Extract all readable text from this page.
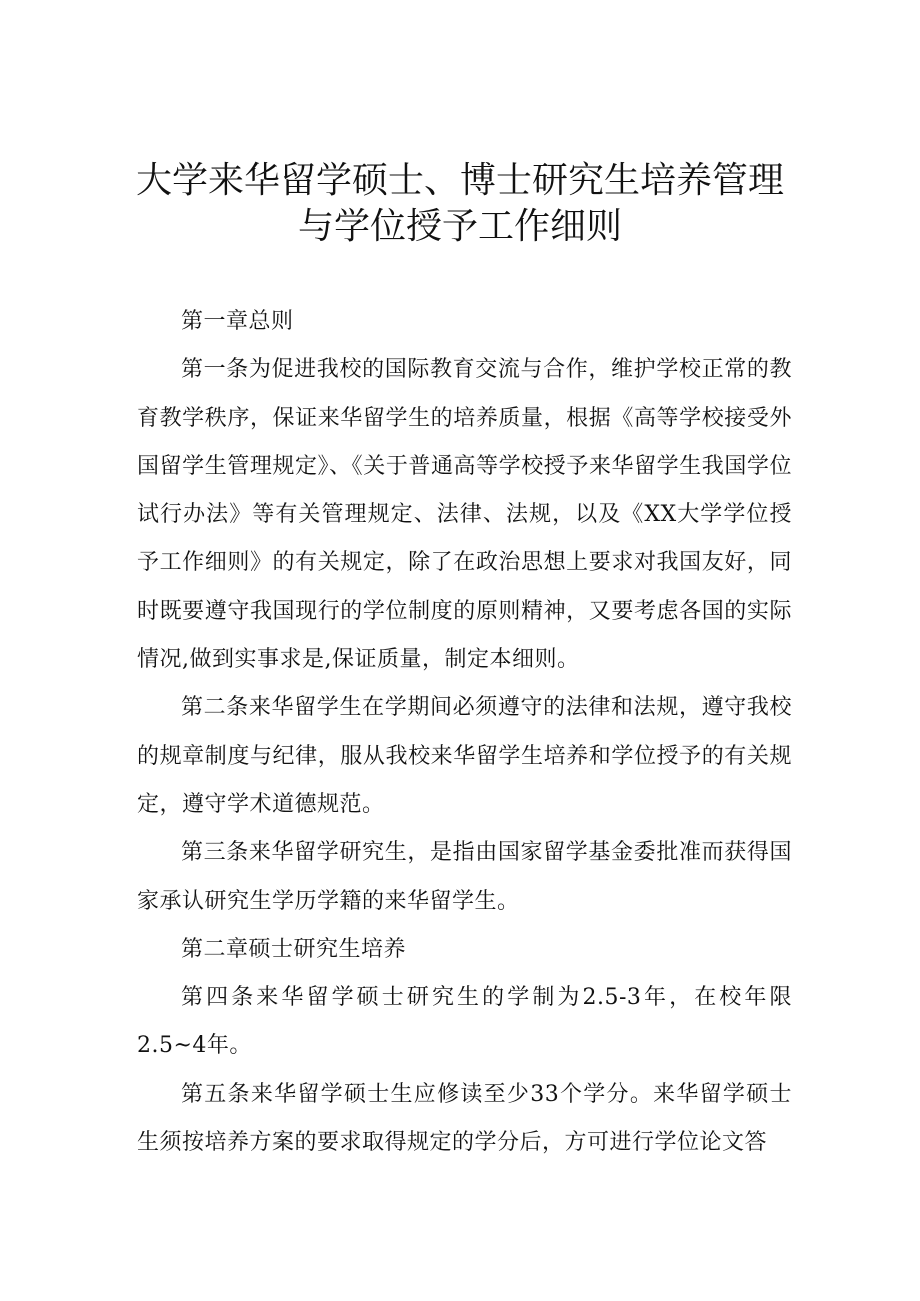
大学来华留学硕士、博士研究生培养管理
与学位授予工作细则

第一章总则

第一条为促进我校的国际教育交流与合作，维护学校正常的教育教学秩序，保证来华留学生的培养质量，根据《高等学校接受外国留学生管理规定》、《关于普通高等学校授予来华留学生我国学位试行办法》等有关管理规定、法律、法规，以及《XX大学学位授予工作细则》的有关规定，除了在政治思想上要求对我国友好，同时既要遵守我国现行的学位制度的原则精神，又要考虑各国的实际情况,做到实事求是,保证质量，制定本细则。

第二条来华留学生在学期间必须遵守的法律和法规，遵守我校的规章制度与纪律，服从我校来华留学生培养和学位授予的有关规定，遵守学术道德规范。

第三条来华留学研究生，是指由国家留学基金委批准而获得国家承认研究生学历学籍的来华留学生。

第二章硕士研究生培养

第四条来华留学硕士研究生的学制为2.5-3年，在校年限2.5~4年。

第五条来华留学硕士生应修读至少33个学分。来华留学硕士生须按培养方案的要求取得规定的学分后，方可进行学位论文答
